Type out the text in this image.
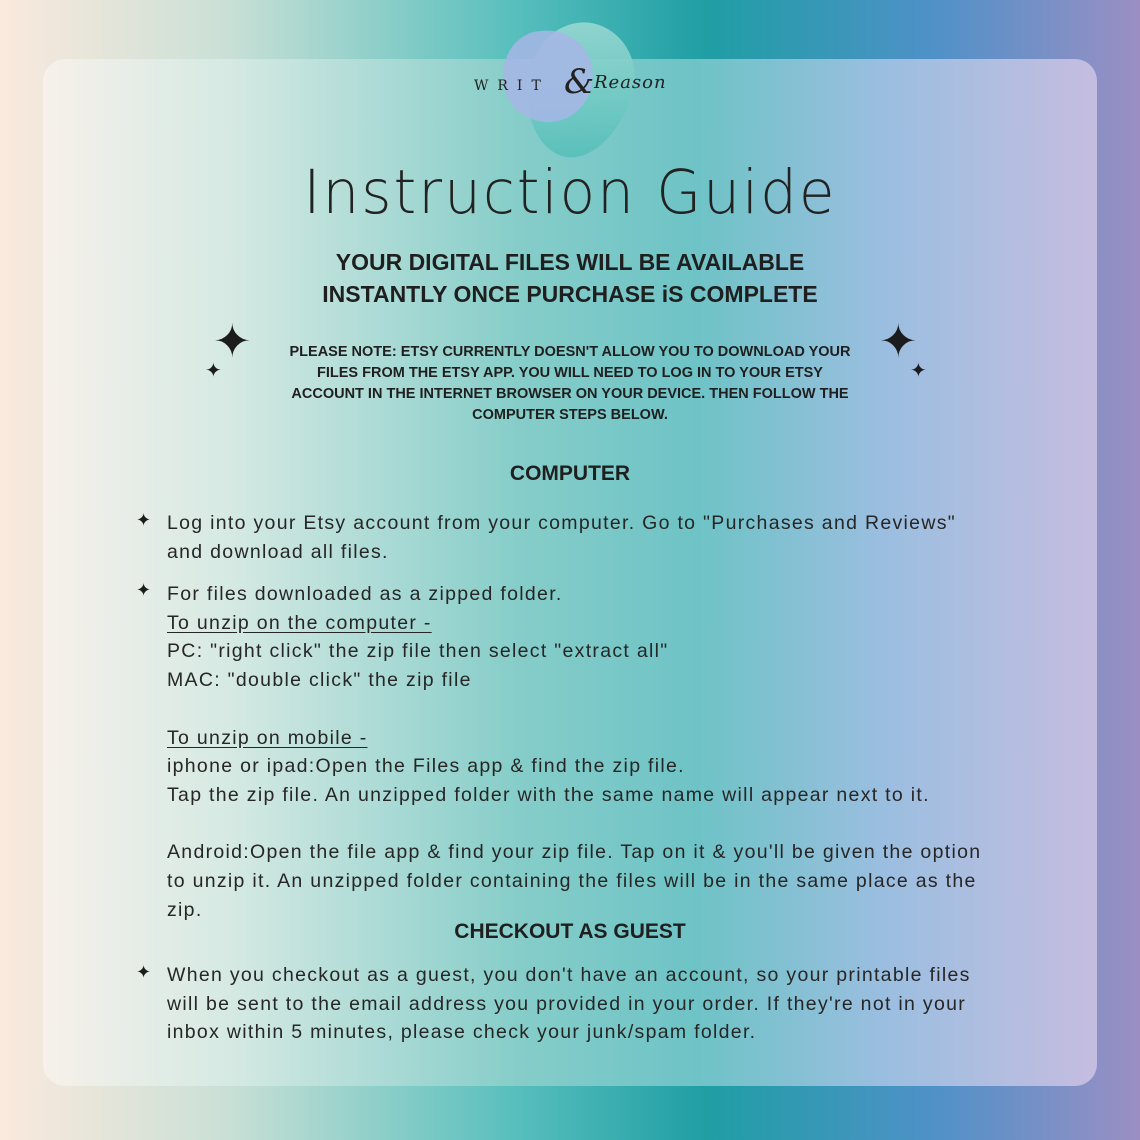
WRIT & Reason
Instruction Guide
YOUR DIGITAL FILES WILL BE AVAILABLE
INSTANTLY ONCE PURCHASE iS COMPLETE
✦
✦
✦
✦
PLEASE NOTE: ETSY CURRENTLY DOESN'T ALLOW YOU TO DOWNLOAD YOUR
FILES FROM THE ETSY APP. YOU WILL NEED TO LOG IN TO YOUR ETSY
ACCOUNT IN THE INTERNET BROWSER ON YOUR DEVICE. THEN FOLLOW THE
COMPUTER STEPS BELOW.
COMPUTER
✦ Log into your Etsy account from your computer. Go to "Purchases and Reviews"
and download all files.
✦ For files downloaded as a zipped folder.
To unzip on the computer -
PC: "right click" the zip file then select "extract all"
MAC: "double click" the zip file
To unzip on mobile -
iphone or ipad:Open the Files app & find the zip file.
Tap the zip file. An unzipped folder with the same name will appear next to it.
Android:Open the file app & find your zip file. Tap on it & you'll be given the option
to unzip it. An unzipped folder containing the files will be in the same place as the
zip.
CHECKOUT AS GUEST
✦ When you checkout as a guest, you don't have an account, so your printable files
will be sent to the email address you provided in your order. If they're not in your
inbox within 5 minutes, please check your junk/spam folder.
